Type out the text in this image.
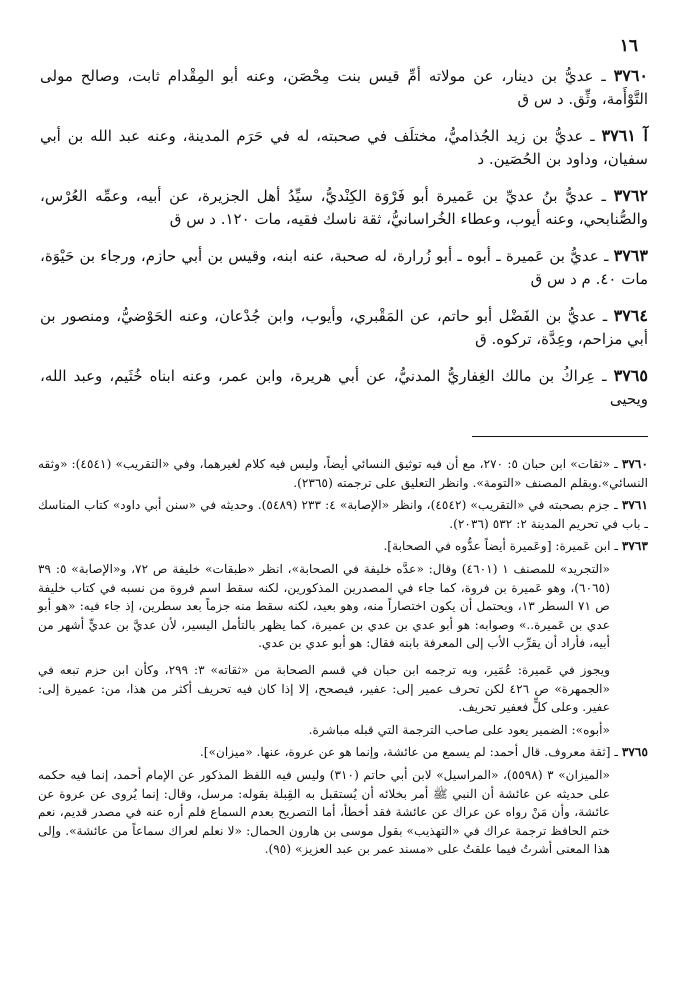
١٦

٣٧٦٠ ـ عديُّ بن دينار، عن مولاته أمِّ قيس بنت مِحْصَن، وعنه أبو المِقْدام ثابت، وصالح مولى التَّوْأَمة، وثِّق. د س ق

آ ٣٧٦١ ـ عديُّ بن زيد الجُذاميُّ، مختلَف في صحبته، له في حَرَم المدينة، وعنه عبد الله بن أبي سفيان، وداود بن الحُصَين. د

٣٧٦٢ ـ عديُّ بنُ عديِّ بن عَميرة أبو فَرْوَة الكِنْديُّ، سيِّدُ أهل الجزيرة، عن أبيه، وعمِّه العُرْس، والصُّنابحي، وعنه أيوب، وعطاء الخُراسانيُّ، ثقة ناسك فقيه، مات ١٢٠. د س ق

٣٧٦٣ ـ عديُّ بن عَميرة ـ أبوه ـ أبو زُرارة، له صحبة، عنه ابنه، وقيس بن أبي حازم، ورجاء بن حَيْوَة، مات ٤٠. م د س ق

٣٧٦٤ ـ عديُّ بن الفَضْل أبو حاتم، عن المَقْبري، وأيوب، وابن جُدْعان، وعنه الحَوْضيُّ، ومنصور بن أبي مزاحم، وعِدَّة، تركوه. ق

٣٧٦٥ ـ عِراكُ بن مالك الغِفاريُّ المدنيُّ، عن أبي هريرة، وابن عمر، وعنه ابناه خُثَيم، وعبد الله، ويحيى

٣٧٦٠ ـ «ثقات» ابن حبان ٥: ٢٧٠، مع أن فيه توثيق النسائي أيضاً، وليس فيه كلام لغيرهما، وفي «التقريب» (٤٥٤١): «وثقه النسائي».وبقلم المصنف «التومة». وانظر التعليق على ترجمته (٢٣٦٥).

٣٧٦١ ـ جزم بصحبته في «التقريب» (٤٥٤٢)، وانظر «الإصابة» ٤: ٢٣٣ (٥٤٨٩). وحديثه في «سنن أبي داود» كتاب المناسك ـ باب في تحريم المدينة ٢: ٥٣٢ (٢٠٣٦).

٣٧٦٣ ـ ابن عَميرة: [وعَميرة أيضاً عدُّوه في الصحابة].

«التجريد» للمصنف ١ (٤٦٠١) وقال: «عدَّه خليفة في الصحابة»، انظر «طبقات» خليفة ص ٧٢، و«الإصابة» ٥: ٣٩ (٦٠٦٥)، وهو عَميرة بن فروة، كما جاء في المصدرين المذكورين، لكنه سقط اسم فروة من نسبه في كتاب خليفة ص ٧١ السطر ١٣، ويحتمل أن يكون اختصاراً منه، وهو بعيد، لكنه سقط منه جزماً بعد سطرين، إذ جاء فيه: «هو أبو عدي بن عَميرة..» وصوابه: هو أبو عدي بن عدي بن عميرة، كما يظهر بالتأمل اليسير، لأن عديَّ بن عديٍّ أشهر من أبيه، فأراد أن يقرِّب الأب إلى المعرفة بابنه فقال: هو أبو عدي بن عدي.

ويجوز في عَميرة: عُمَير، وبه ترجمه ابن حبان في قسم الصحابة من «ثقاته» ٣: ٢٩٩، وكأن ابن حزم تبعه في «الجمهرة» ص ٤٢٦ لكن تحرف عمير إلى: عفير، فيصحح، إلا إذا كان فيه تحريف أكثر من هذا، من: عميرة إلى: عفير. وعلى كلٍّ فعفير تحريف.

«أبوه»: الضمير يعود على صاحب الترجمة التي قبله مباشرة.

٣٧٦٥ ـ [ثقة معروف. قال أحمد: لم يسمع من عائشة، وإنما هو عن عروة، عنها. «ميزان»].

«الميزان» ٣ (٥٥٩٨)، «المراسيل» لابن أبي حاتم (٣١٠) وليس فيه اللفظ المذكور عن الإمام أحمد، إنما فيه حكمه على حديثه عن عائشة أن النبي ﷺ أمر بخلائه أن يُستقبل به القِبلة بقوله: مرسل، وقال: إنما يُروى عن عروة عن عائشة، وأن مَنْ رواه عن عراك عن عائشة فقد أخطأ، أما التصريح بعدم السماع فلم أره عنه في مصدر قديم، نعم ختم الحافظ ترجمة عراك في «التهذيب» بقول موسى بن هارون الحمال: «لا نعلم لعراك سماعاً من عائشة». وإلى هذا المعنى أشرتُ فيما علقتُ على «مسند عمر بن عبد العزيز» (٩٥).
